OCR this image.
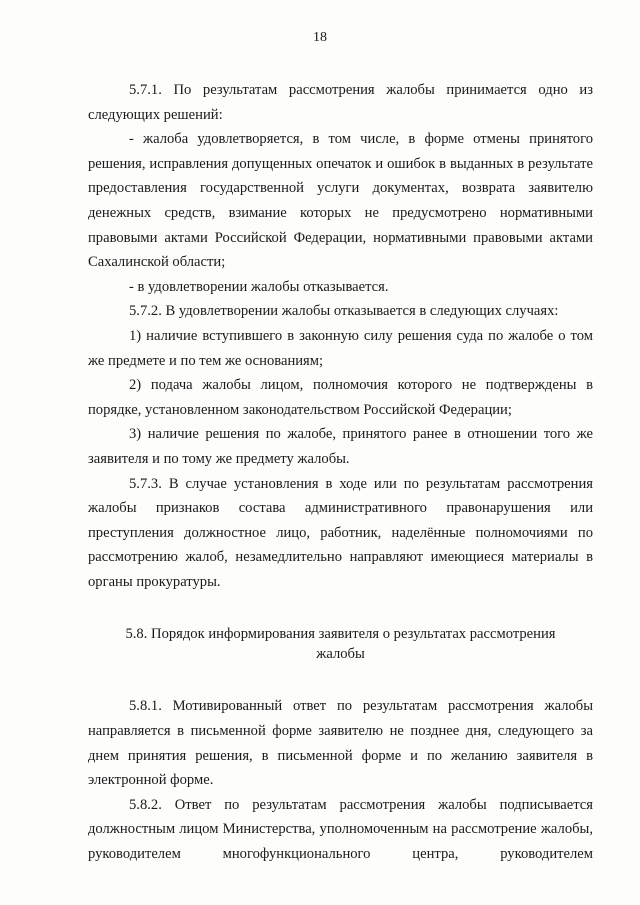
18

5.7.1. По результатам рассмотрения жалобы принимается одно из следующих решений:

- жалоба удовлетворяется, в том числе, в форме отмены принятого решения, исправления допущенных опечаток и ошибок в выданных в результате предоставления государственной услуги документах, возврата заявителю денежных средств, взимание которых не предусмотрено нормативными правовыми актами Российской Федерации, нормативными правовыми актами Сахалинской области;

- в удовлетворении жалобы отказывается.

5.7.2. В удовлетворении жалобы отказывается в следующих случаях:

1) наличие вступившего в законную силу решения суда по жалобе о том же предмете и по тем же основаниям;

2) подача жалобы лицом, полномочия которого не подтверждены в порядке, установленном законодательством Российской Федерации;

3) наличие решения по жалобе, принятого ранее в отношении того же заявителя и по тому же предмету жалобы.

5.7.3. В случае установления в ходе или по результатам рассмотрения жалобы признаков состава административного правонарушения или преступления должностное лицо, работник, наделённые полномочиями по рассмотрению жалоб, незамедлительно направляют имеющиеся материалы в органы прокуратуры.

5.8. Порядок информирования заявителя о результатах рассмотрения
жалобы

5.8.1. Мотивированный ответ по результатам рассмотрения жалобы направляется в письменной форме заявителю не позднее дня, следующего за днем принятия решения, в письменной форме и по желанию заявителя в электронной форме.

5.8.2. Ответ по результатам рассмотрения жалобы подписывается должностным лицом Министерства, уполномоченным на рассмотрение жалобы, руководителем многофункционального центра, руководителем
